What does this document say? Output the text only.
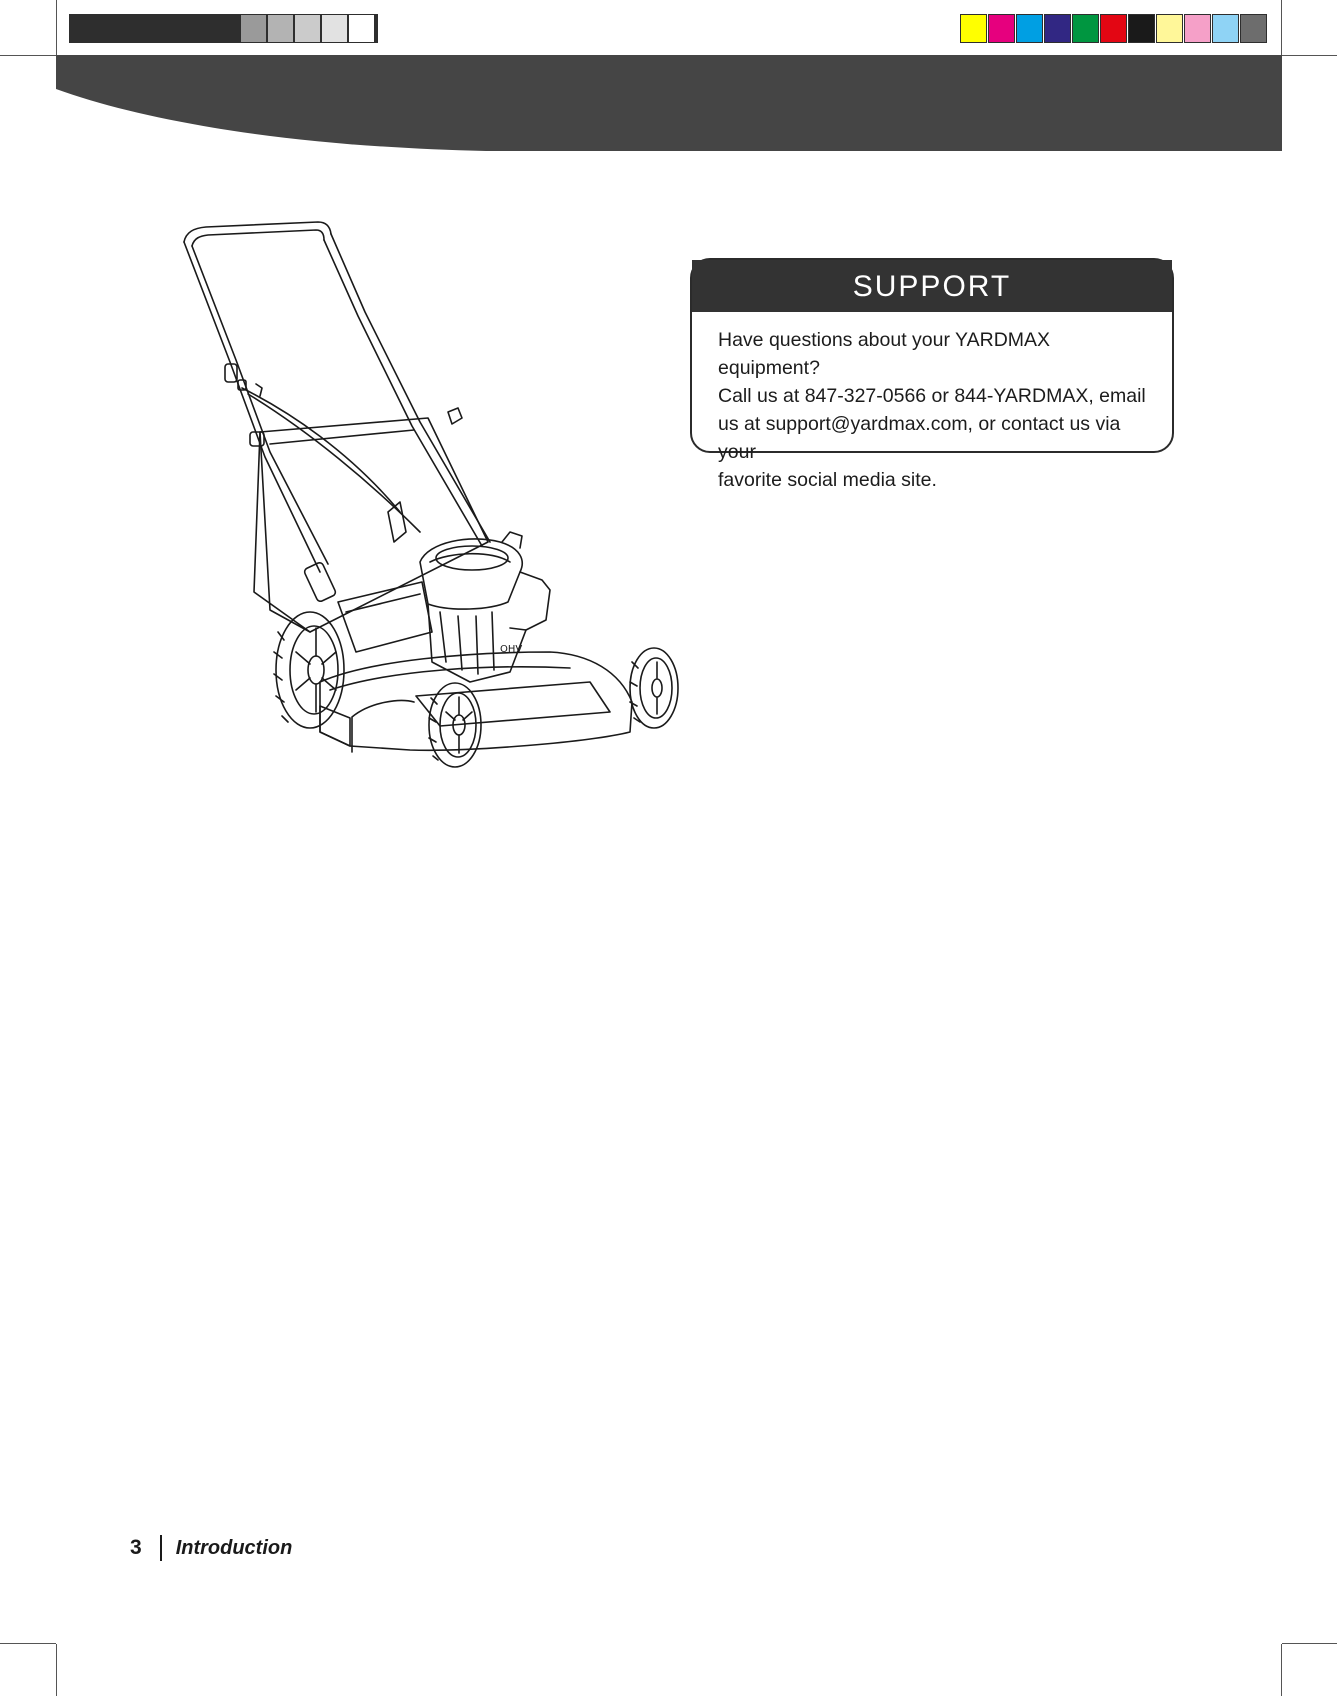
OHV
SUPPORT
Have questions about your YARDMAX equipment?
Call us at 847-327-0566 or 844-YARDMAX, email
us at support@yardmax.com, or contact us via your
favorite social media site.
3 Introduction
